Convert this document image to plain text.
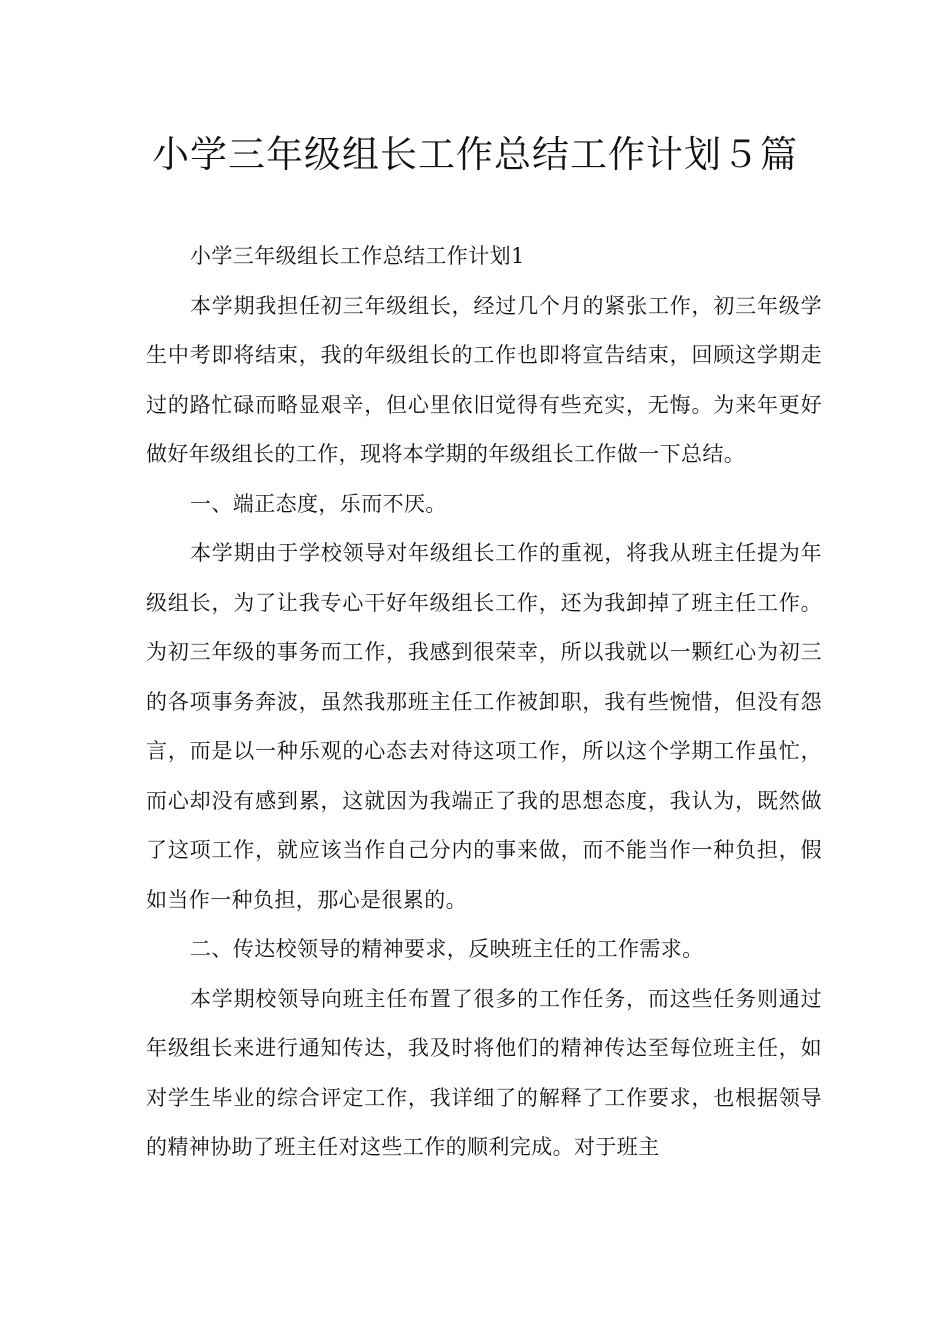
小学三年级组长工作总结工作计划５篇

小学三年级组长工作总结工作计划1

本学期我担任初三年级组长，经过几个月的紧张工作，初三年级学生中考即将结束，我的年级组长的工作也即将宣告结束，回顾这学期走过的路忙碌而略显艰辛，但心里依旧觉得有些充实，无悔。为来年更好做好年级组长的工作，现将本学期的年级组长工作做一下总结。

一、端正态度，乐而不厌。

本学期由于学校领导对年级组长工作的重视，将我从班主任提为年级组长，为了让我专心干好年级组长工作，还为我卸掉了班主任工作。为初三年级的事务而工作，我感到很荣幸，所以我就以一颗红心为初三的各项事务奔波，虽然我那班主任工作被卸职，我有些惋惜，但没有怨言，而是以一种乐观的心态去对待这项工作，所以这个学期工作虽忙，而心却没有感到累，这就因为我端正了我的思想态度，我认为，既然做了这项工作，就应该当作自己分内的事来做，而不能当作一种负担，假如当作一种负担，那心是很累的。

二、传达校领导的精神要求，反映班主任的工作需求。

本学期校领导向班主任布置了很多的工作任务，而这些任务则通过年级组长来进行通知传达，我及时将他们的精神传达至每位班主任，如对学生毕业的综合评定工作，我详细了的解释了工作要求，也根据领导的精神协助了班主任对这些工作的顺利完成。对于班主
